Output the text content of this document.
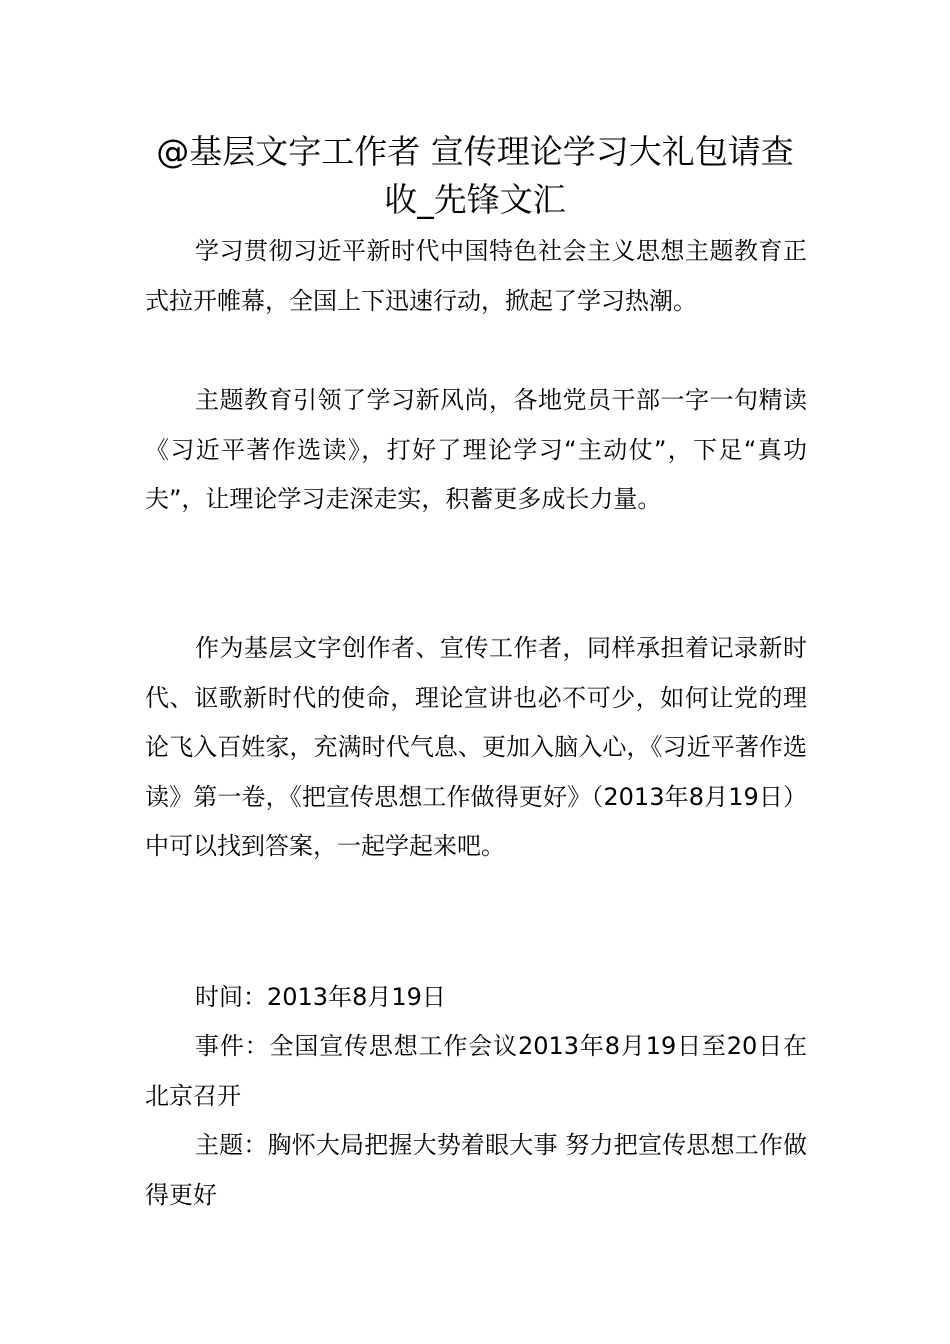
@基层文字工作者 宣传理论学习大礼包请查收_先锋文汇

学习贯彻习近平新时代中国特色社会主义思想主题教育正式拉开帷幕，全国上下迅速行动，掀起了学习热潮。

主题教育引领了学习新风尚，各地党员干部一字一句精读《习近平著作选读》，打好了理论学习“主动仗”，下足“真功夫”，让理论学习走深走实，积蓄更多成长力量。

作为基层文字创作者、宣传工作者，同样承担着记录新时代、讴歌新时代的使命，理论宣讲也必不可少，如何让党的理论飞入百姓家，充满时代气息、更加入脑入心，《习近平著作选读》第一卷，《把宣传思想工作做得更好》（2013年8月19日）中可以找到答案，一起学起来吧。

时间：2013年8月19日

事件：全国宣传思想工作会议2013年8月19日至20日在北京召开

主题：胸怀大局把握大势着眼大事 努力把宣传思想工作做得更好
